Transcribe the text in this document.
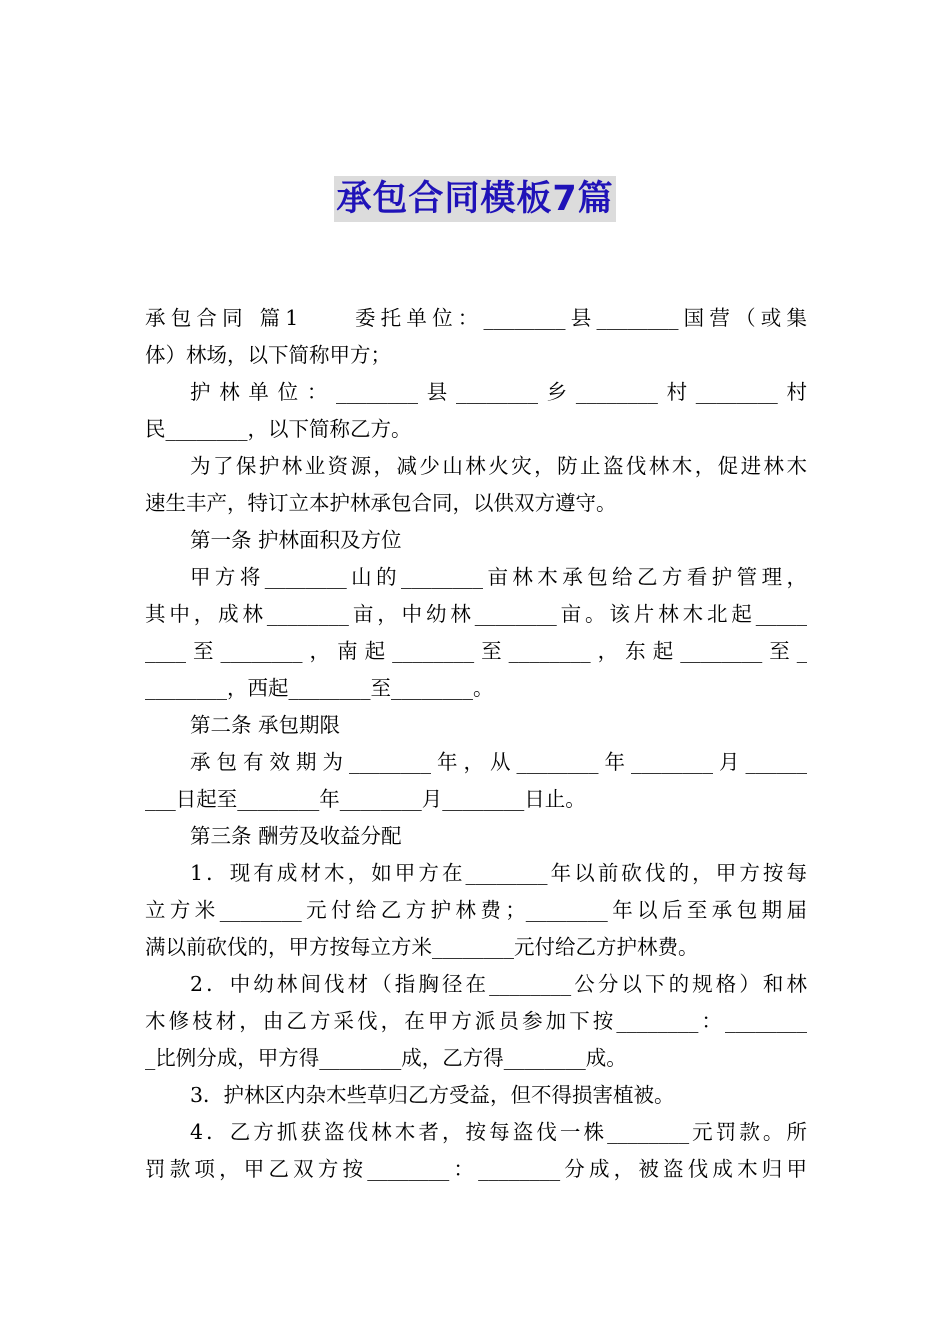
承包合同模板7篇
承包合同 篇1　　委托单位：________县________国营（或集
体）林场，以下简称甲方；
护林单位：________县________乡________村________村
民________，以下简称乙方。
为了保护林业资源，减少山林火灾，防止盗伐林木，促进林木
速生丰产，特订立本护林承包合同，以供双方遵守。
第一条 护林面积及方位
甲方将________山的________亩林木承包给乙方看护管理，
其中，成林________亩，中幼林________亩。该片林木北起_____
____至________，南起________至________，东起________至_
________，西起________至________。
第二条 承包期限
承包有效期为________年，从________年________月______
___日起至________年________月________日止。
第三条 酬劳及收益分配
1．现有成材木，如甲方在________年以前砍伐的，甲方按每
立方米________元付给乙方护林费；________年以后至承包期届
满以前砍伐的，甲方按每立方米________元付给乙方护林费。
2．中幼林间伐材（指胸径在________公分以下的规格）和林
木修枝材，由乙方采伐，在甲方派员参加下按________：________
_比例分成，甲方得________成，乙方得________成。
3．护林区内杂木些草归乙方受益，但不得损害植被。
4．乙方抓获盗伐林木者，按每盗伐一株________元罚款。所
罚款项，甲乙双方按________：________分成，被盗伐成木归甲
